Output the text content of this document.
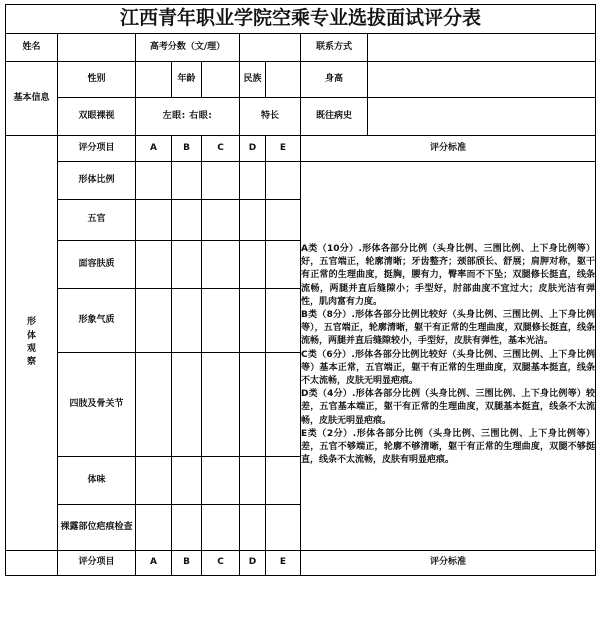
江西青年职业学院空乘专业选拔面试评分表								
姓名		高考分数（文/理）					联系方式	
基本信息	性别		年龄		民族		身高	
	双眼裸视	左眼: 右眼:			特长		既往病史	

形
体
观
察	评分项目	A	B	C	D	E	评分标准	
	形体比例						A类（10分）.形体各部分比例（头身比例、三围比例、上下身比例等）好，五官端正，轮廓清晰；牙齿整齐；颈部颀长、舒展；肩胛对称，躯干有正常的生理曲度，挺胸，腰有力，臀率而不下坠；双腿修长挺直，线条流畅，两腿并直后缝隙小；手型好，肘部曲度不宜过大；皮肤光洁有弹性，肌肉富有力度。

B类（8分）.形体各部分比例比较好（头身比例、三围比例、上下身比例等），五官端正，轮廓清晰，躯干有正常的生理曲度，双腿修长挺直，线条流畅，两腿并直后缝隙较小，手型好，皮肤有弹性，基本光洁。

C类（6分）.形体各部分比例比较好（头身比例、三围比例、上下身比例等）基本正常，五官端正，躯干有正常的生理曲度，双腿基本挺直，线条不太流畅，皮肤无明显疤痕。

D类（4分）.形体各部分比例（头身比例、三围比例、上下身比例等）较差，五官基本端正，躯干有正常的生理曲度，双腿基本挺直，线条不太流畅，皮肤无明显疤痕。

E类（2分）.形体各部分比例（头身比例、三围比例、上下身比例等）差，五官不够端正，轮廓不够清晰，躯干有正常的生理曲度，双腿不够挺直，线条不太流畅，皮肤有明显疤痕。	

	五官							
	面容肤质							
	形象气质							
	四肢及骨关节							
	体味							
	裸露部位疤痕检查							
	评分项目	A	B	C	D	E	评分标准	
